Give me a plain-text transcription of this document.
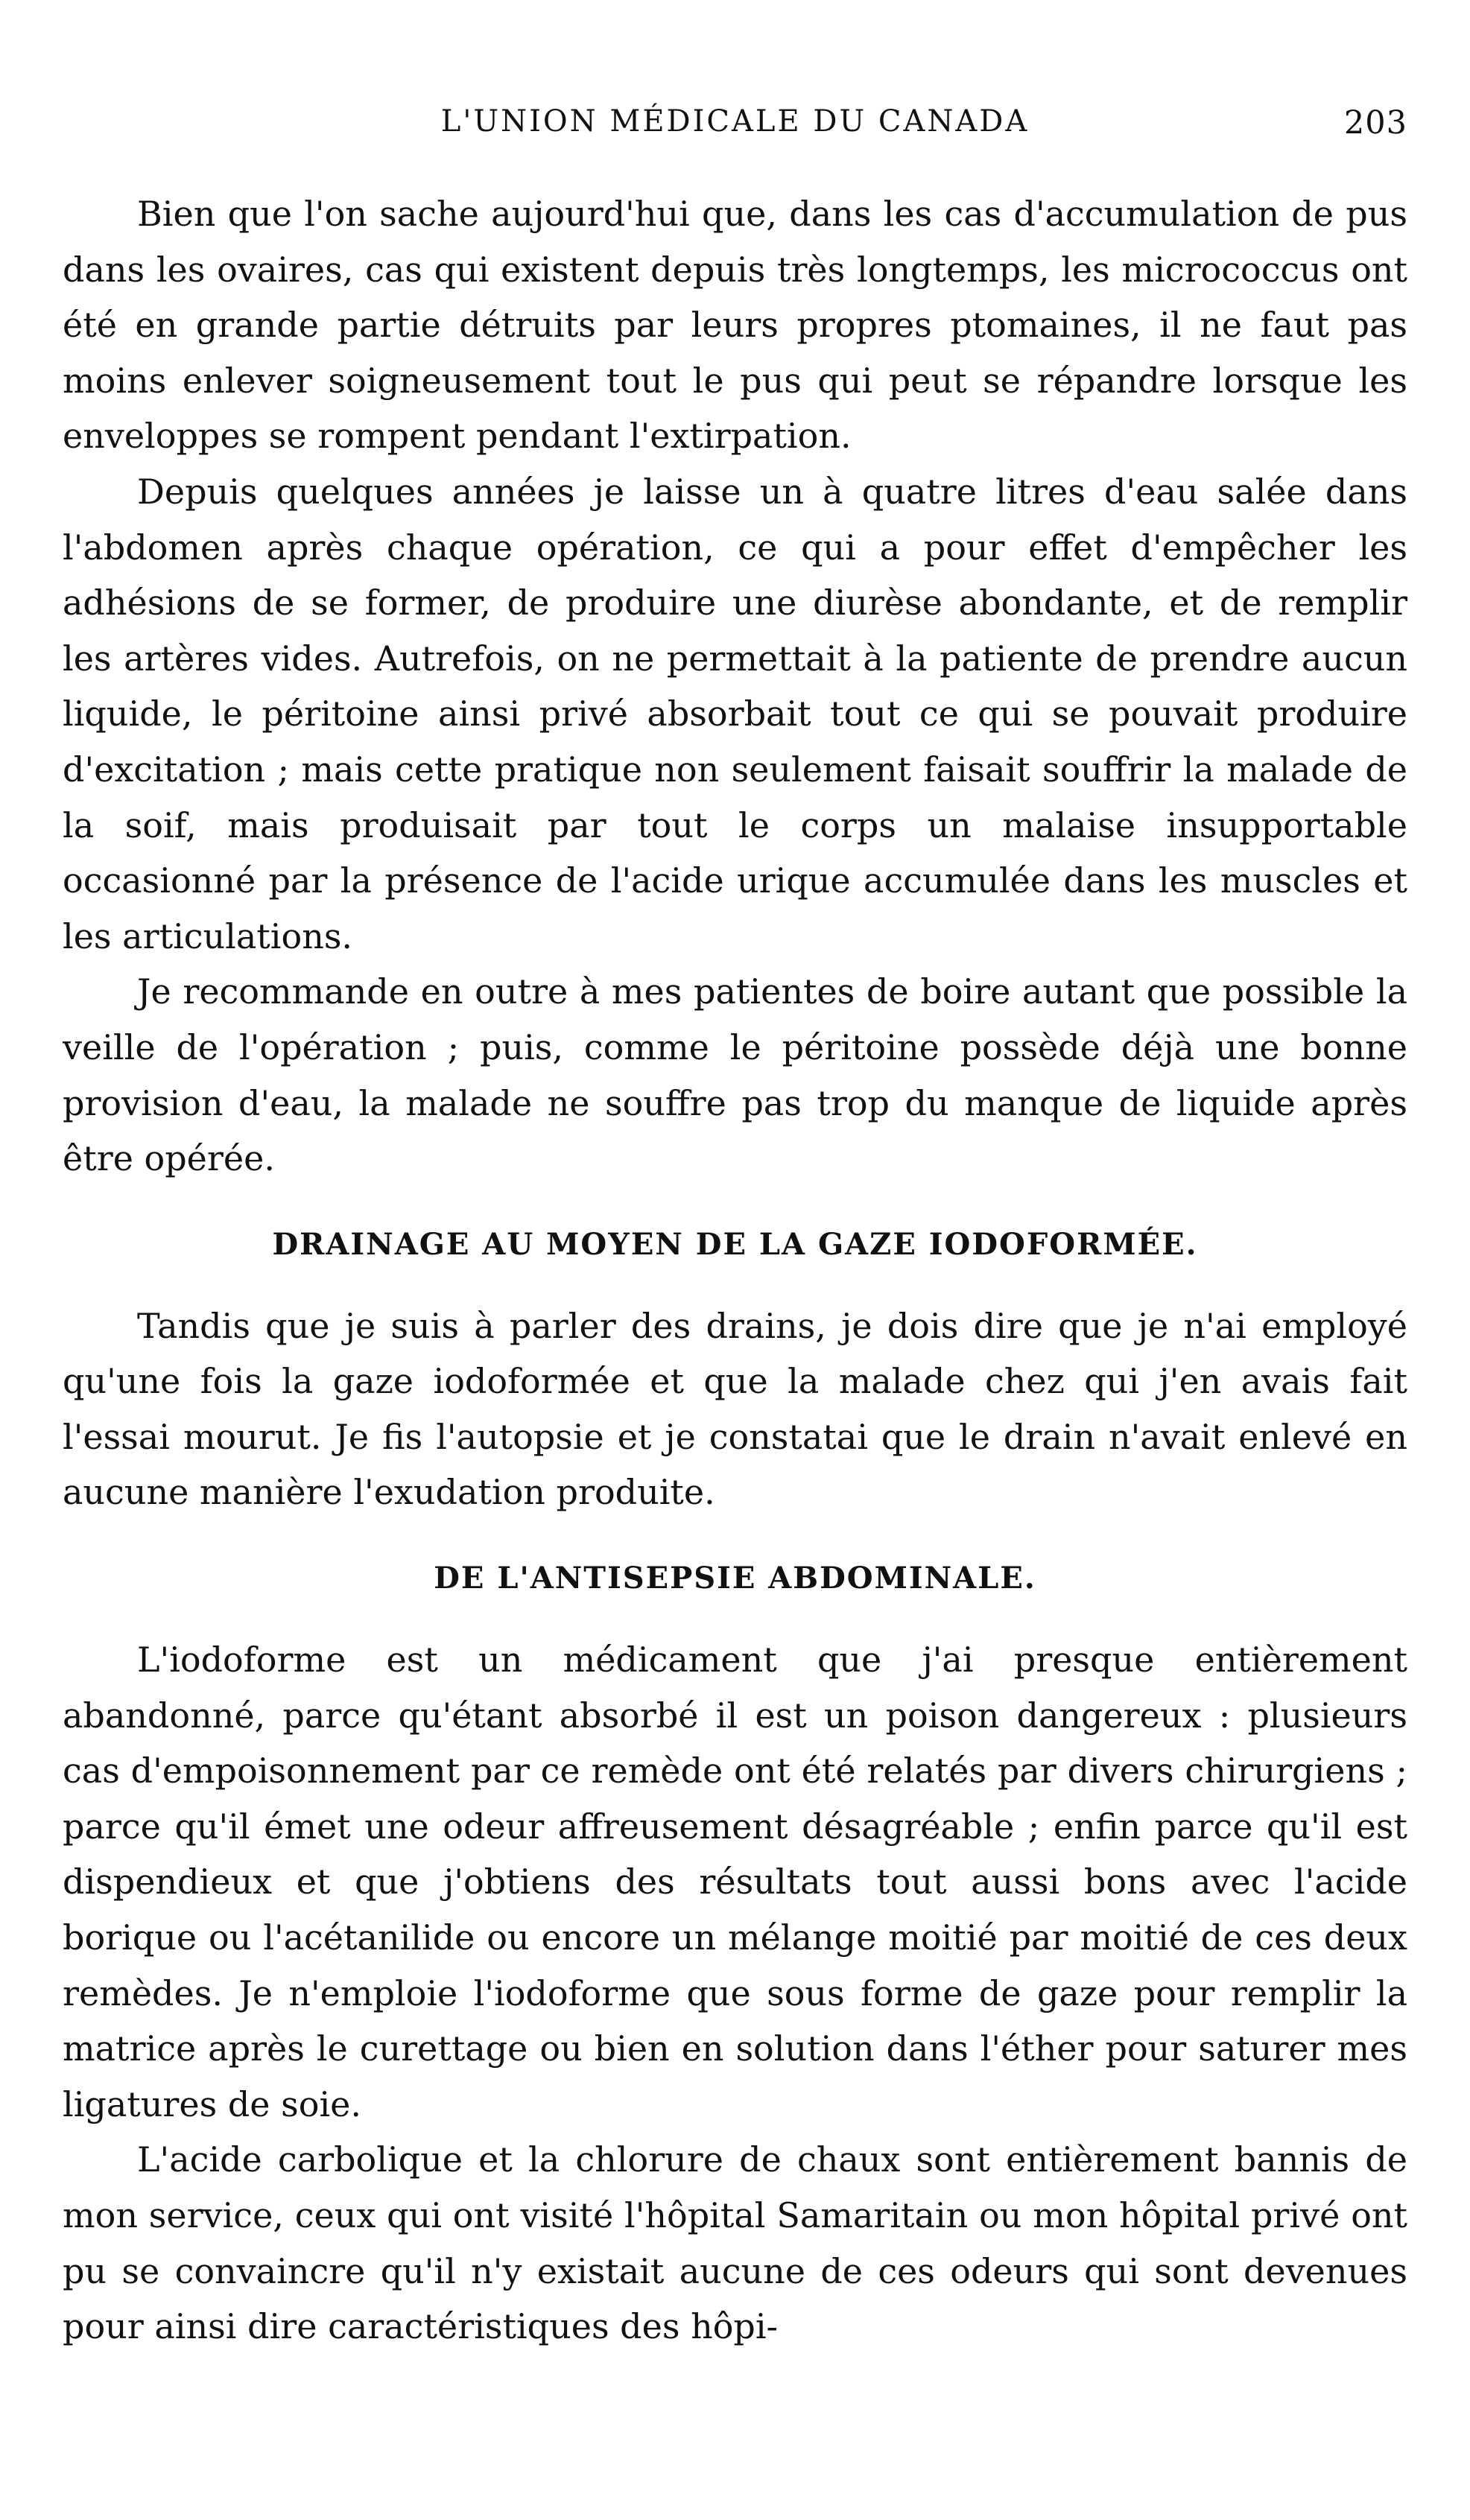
L'UNION MÉDICALE DU CANADA	203

Bien que l'on sache aujourd'hui que, dans les cas d'accumulation de pus dans les ovaires, cas qui existent depuis très longtemps, les micrococcus ont été en grande partie détruits par leurs propres ptomaines, il ne faut pas moins enlever soigneusement tout le pus qui peut se répandre lorsque les enveloppes se rompent pendant l'extirpation.

Depuis quelques années je laisse un à quatre litres d'eau salée dans l'abdomen après chaque opération, ce qui a pour effet d'empêcher les adhésions de se former, de produire une diurèse abondante, et de remplir les artères vides. Autrefois, on ne permettait à la patiente de prendre aucun liquide, le péritoine ainsi privé absorbait tout ce qui se pouvait produire d'excitation ; mais cette pratique non seulement faisait souffrir la malade de la soif, mais produisait par tout le corps un malaise insupportable occasionné par la présence de l'acide urique accumulée dans les muscles et les articulations.

Je recommande en outre à mes patientes de boire autant que possible la veille de l'opération ; puis, comme le péritoine possède déjà une bonne provision d'eau, la malade ne souffre pas trop du manque de liquide après être opérée.

DRAINAGE AU MOYEN DE LA GAZE IODOFORMÉE.

Tandis que je suis à parler des drains, je dois dire que je n'ai employé qu'une fois la gaze iodoformée et que la malade chez qui j'en avais fait l'essai mourut. Je fis l'autopsie et je constatai que le drain n'avait enlevé en aucune manière l'exudation produite.

DE L'ANTISEPSIE ABDOMINALE.

L'iodoforme est un médicament que j'ai presque entièrement abandonné, parce qu'étant absorbé il est un poison dangereux : plusieurs cas d'empoisonnement par ce remède ont été relatés par divers chirurgiens ; parce qu'il émet une odeur affreusement désagréable ; enfin parce qu'il est dispendieux et que j'obtiens des résultats tout aussi bons avec l'acide borique ou l'acétanilide ou encore un mélange moitié par moitié de ces deux remèdes. Je n'emploie l'iodoforme que sous forme de gaze pour remplir la matrice après le curettage ou bien en solution dans l'éther pour saturer mes ligatures de soie.

L'acide carbolique et la chlorure de chaux sont entièrement bannis de mon service, ceux qui ont visité l'hôpital Samaritain ou mon hôpital privé ont pu se convaincre qu'il n'y existait aucune de ces odeurs qui sont devenues pour ainsi dire caractéristiques des hôpi-
